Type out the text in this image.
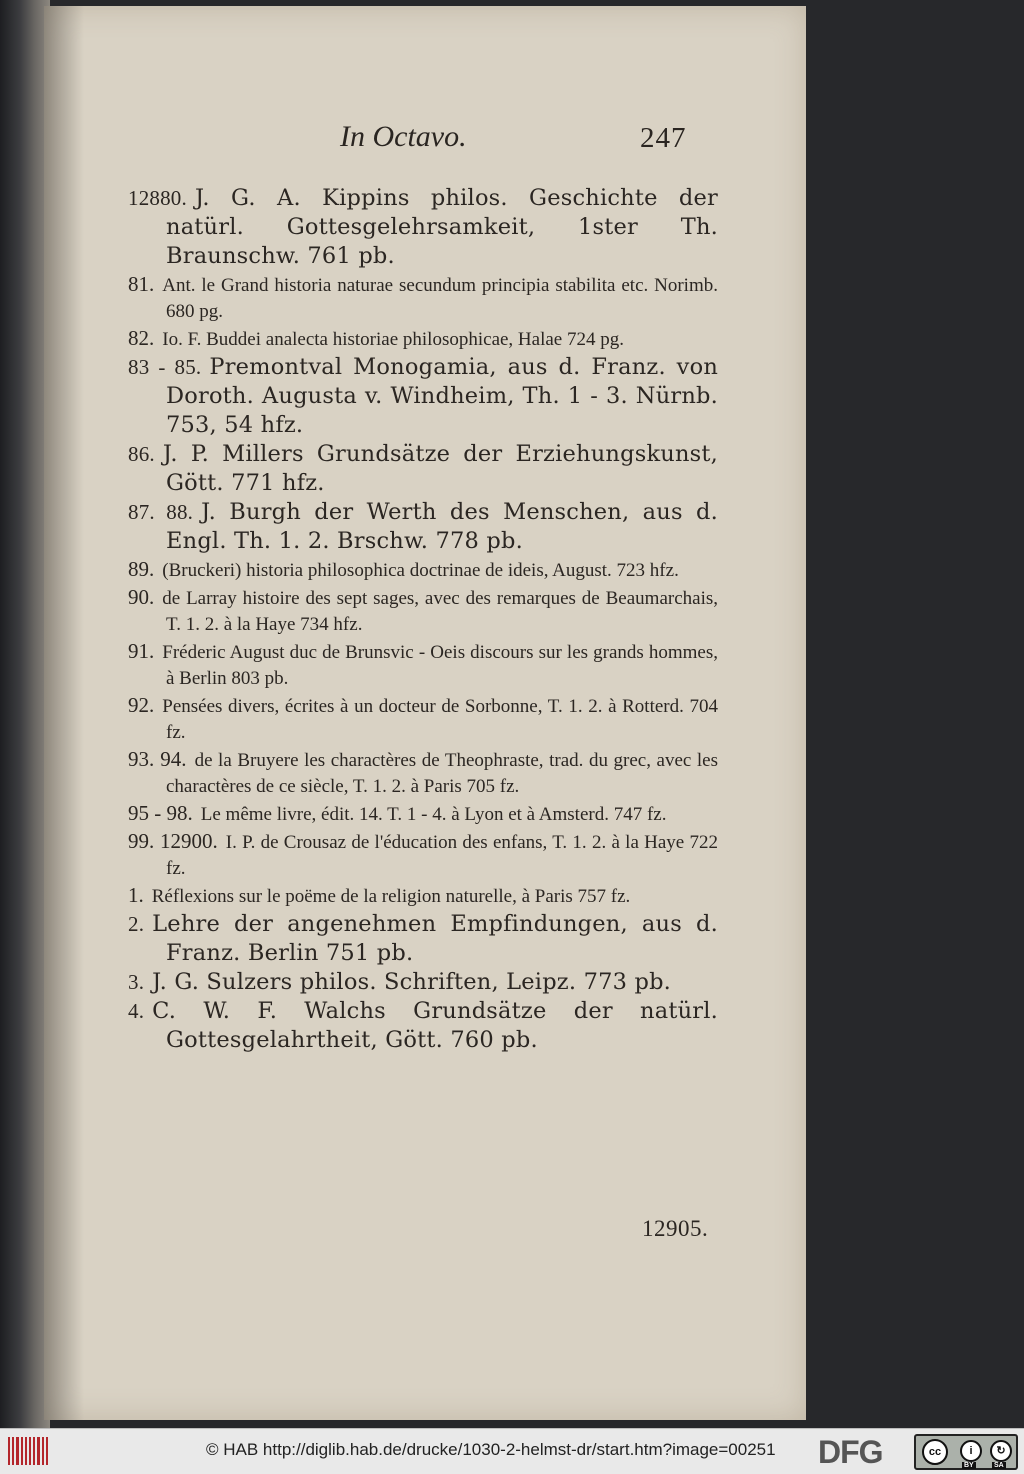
In Octavo.	247

12880. J. G. A. Kippins philos. Geschichte der natürl. Gottesgelehrsamkeit, 1ster Th. Braunschw. 761 pb.

81. Ant. le Grand historia naturae secundum principia stabilita etc. Norimb. 680 pg.

82. Io. F. Buddei analecta historiae philosophicae, Halae 724 pg.

83 - 85. Premontval Monogamia, aus d. Franz. von Doroth. Augusta v. Windheim, Th. 1 - 3. Nürnb. 753, 54 hfz.

86. J. P. Millers Grundsätze der Erziehungskunst, Gött. 771 hfz.

87. 88. J. Burgh der Werth des Menschen, aus d. Engl. Th. 1. 2. Brschw. 778 pb.

89. (Bruckeri) historia philosophica doctrinae de ideis, August. 723 hfz.

90. de Larray histoire des sept sages, avec des remarques de Beaumarchais, T. 1. 2. à la Haye 734 hfz.

91. Fréderic August duc de Brunsvic - Oeis discours sur les grands hommes, à Berlin 803 pb.

92. Pensées divers, écrites à un docteur de Sorbonne, T. 1. 2. à Rotterd. 704 fz.

93. 94. de la Bruyere les charactères de Theophraste, trad. du grec, avec les charactères de ce siècle, T. 1. 2. à Paris 705 fz.

95 - 98. Le même livre, édit. 14. T. 1 - 4. à Lyon et à Amsterd. 747 fz.

99. 12900. I. P. de Crousaz de l'éducation des enfans, T. 1. 2. à la Haye 722 fz.

1. Réflexions sur le poëme de la religion naturelle, à Paris 757 fz.

2. Lehre der angenehmen Empfindungen, aus d. Franz. Berlin 751 pb.

3. J. G. Sulzers philos. Schriften, Leipz. 773 pb.

4. C. W. F. Walchs Grundsätze der natürl. Gottesgelahrtheit, Gött. 760 pb.

12905.
© HAB http://diglib.hab.de/drucke/1030-2-helmst-dr/start.htm?image=00251 DFG	cc	i	↻
BY	SA
